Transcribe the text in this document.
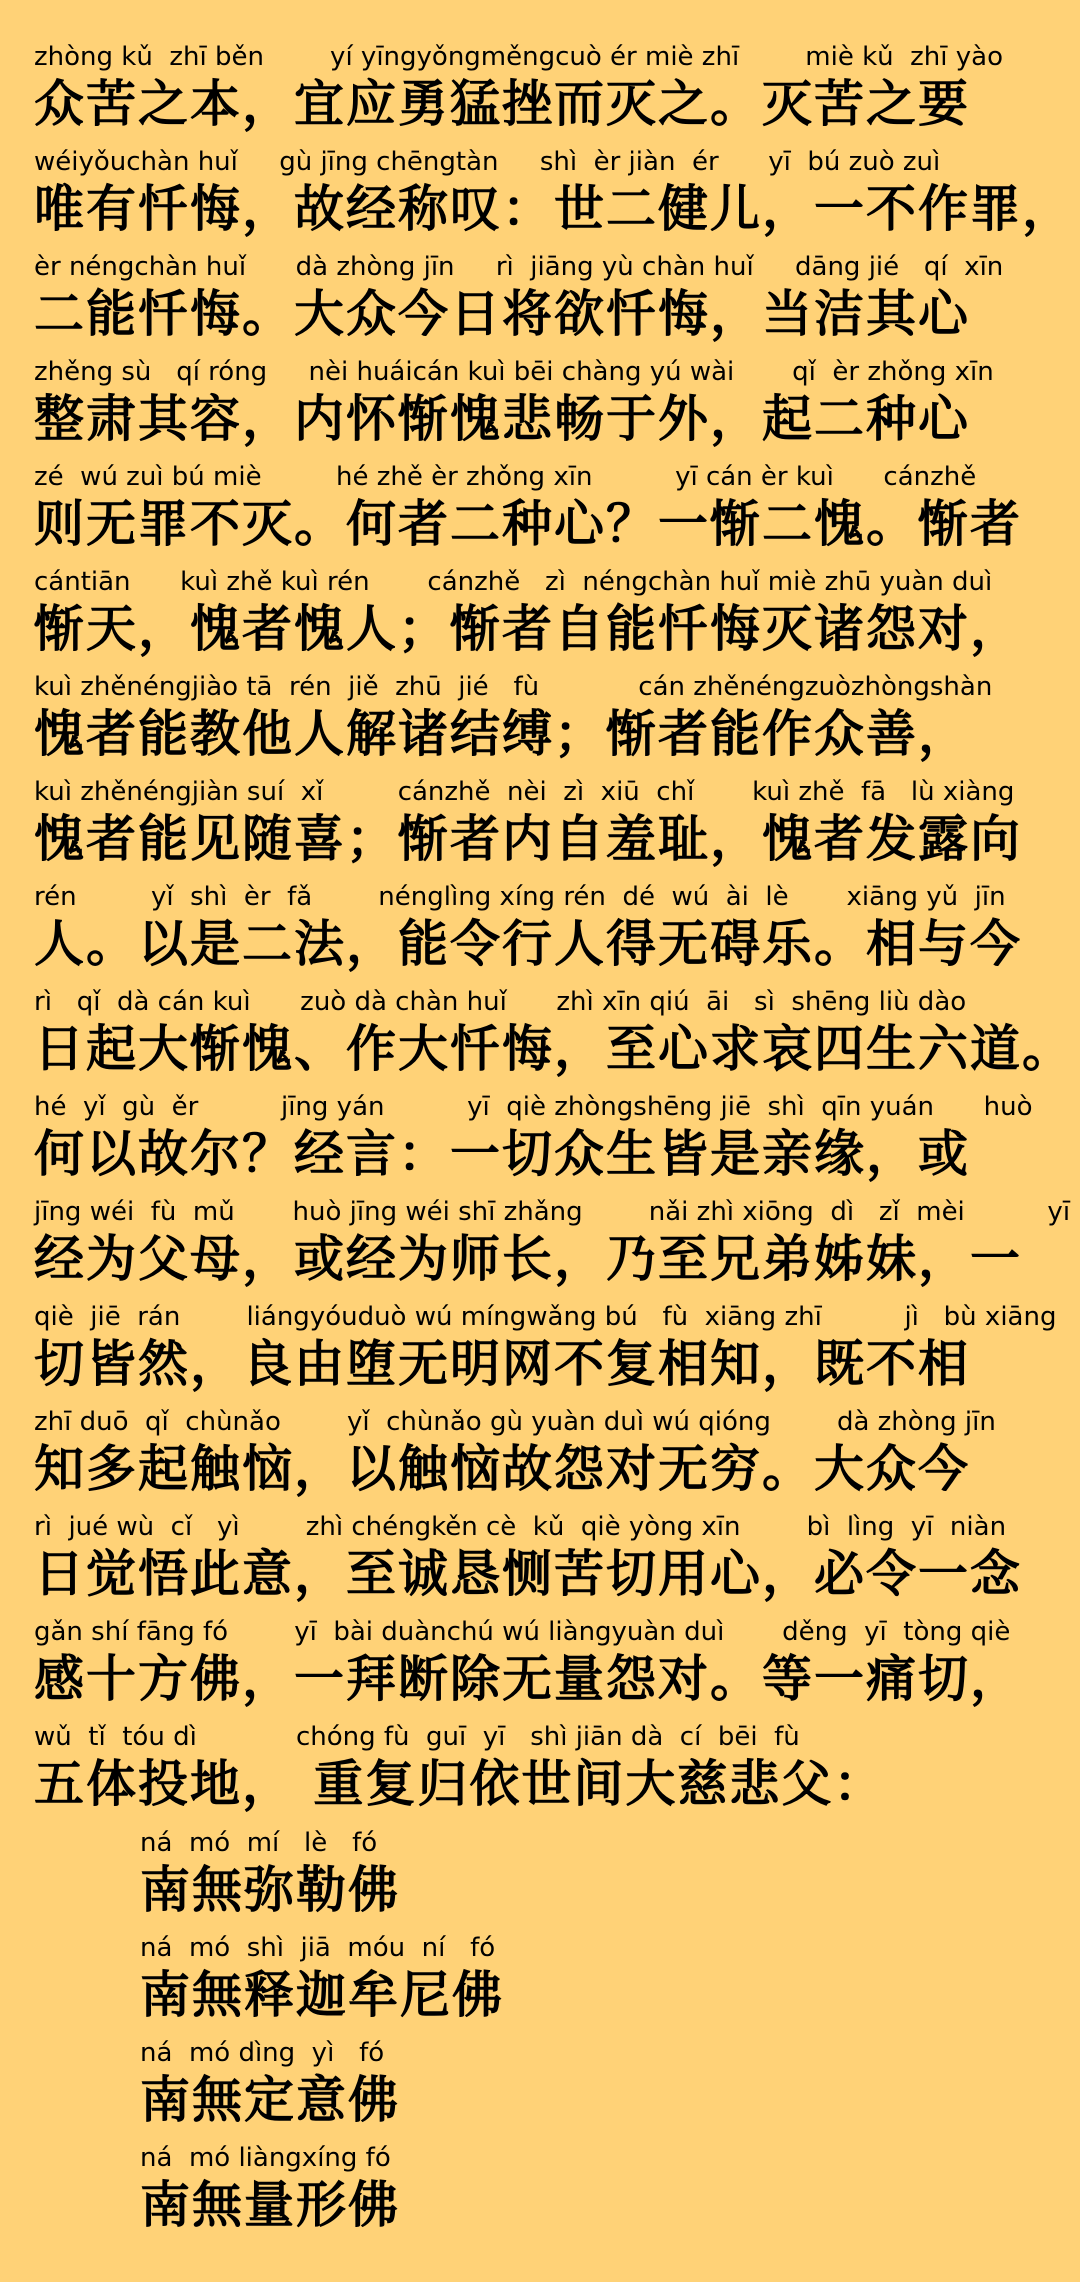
zhòng kǔ  zhī běn        yí yīngyǒngměngcuò ér miè zhī        miè kǔ  zhī yào
众苦之本，宜应勇猛挫而灭之。灭苦之要
wéiyǒuchàn huǐ     gù jīng chēngtàn     shì  èr jiàn  ér      yī  bú zuò zuì
唯有忏悔，故经称叹：世二健儿，一不作罪，
èr néngchàn huǐ      dà zhòng jīn     rì  jiāng yù chàn huǐ     dāng jié   qí  xīn
二能忏悔。大众今日将欲忏悔，当洁其心
zhěng sù   qí róng     nèi huáicán kuì bēi chàng yú wài       qǐ  èr zhǒng xīn
整肃其容，内怀惭愧悲畅于外，起二种心
zé  wú zuì bú miè         hé zhě èr zhǒng xīn          yī cán èr kuì      cánzhě
则无罪不灭。何者二种心？一惭二愧。惭者
cántiān      kuì zhě kuì rén       cánzhě   zì  néngchàn huǐ miè zhū yuàn duì
惭天，愧者愧人；惭者自能忏悔灭诸怨对，
kuì zhěnéngjiào tā  rén  jiě  zhū  jié   fù            cán zhěnéngzuòzhòngshàn
愧者能教他人解诸结缚；惭者能作众善，
kuì zhěnéngjiàn suí  xǐ         cánzhě  nèi  zì  xiū  chǐ       kuì zhě  fā   lù xiàng
愧者能见随喜；惭者内自羞耻，愧者发露向
rén         yǐ  shì  èr  fǎ        nénglìng xíng rén  dé  wú  ài  lè       xiāng yǔ  jīn
人。以是二法，能令行人得无碍乐。相与今
rì   qǐ  dà cán kuì      zuò dà chàn huǐ      zhì xīn qiú  āi   sì  shēng liù dào
日起大惭愧、作大忏悔，至心求哀四生六道。
hé  yǐ  gù  ěr          jīng yán          yī  qiè zhòngshēng jiē  shì  qīn yuán      huò
何以故尔？经言：一切众生皆是亲缘，或
jīng wéi  fù  mǔ       huò jīng wéi shī zhǎng        nǎi zhì xiōng  dì   zǐ  mèi          yī
经为父母，或经为师长，乃至兄弟姊妹，一
qiè  jiē  rán        liángyóuduò wú míngwǎng bú   fù  xiāng zhī          jì   bù xiāng
切皆然，良由堕无明网不复相知，既不相
zhī duō  qǐ  chùnǎo        yǐ  chùnǎo gù yuàn duì wú qióng        dà zhòng jīn
知多起触恼，以触恼故怨对无穷。大众今
rì  jué wù  cǐ   yì        zhì chéngkěn cè  kǔ  qiè yòng xīn        bì  lìng  yī  niàn
日觉悟此意，至诚恳恻苦切用心，必令一念
gǎn shí fāng fó        yī  bài duànchú wú liàngyuàn duì       děng  yī  tòng qiè
感十方佛，一拜断除无量怨对。等一痛切，
wǔ  tǐ  tóu dì            chóng fù  guī  yī   shì jiān dà  cí  bēi  fù
五体投地， 重复归依世间大慈悲父：
ná  mó  mí   lè   fó
南無弥勒佛
ná  mó  shì  jiā  móu  ní   fó
南無释迦牟尼佛
ná  mó dìng  yì   fó
南無定意佛
ná  mó liàngxíng fó
南無量形佛
